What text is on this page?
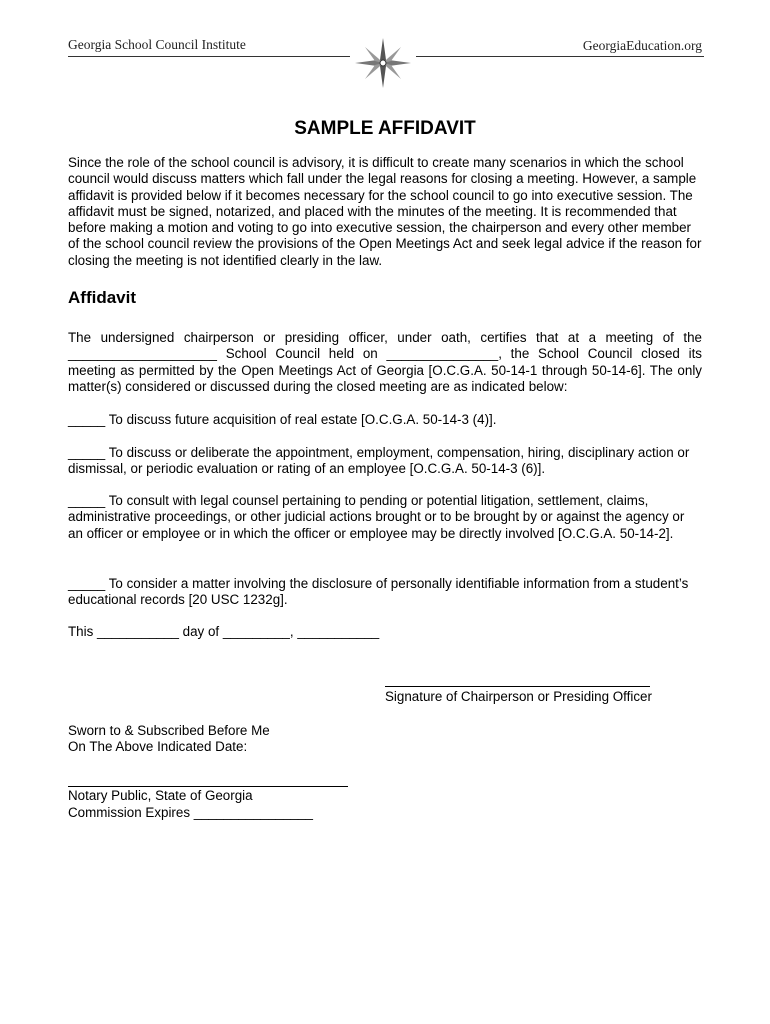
Georgia School Council Institute	GeorgiaEducation.org
SAMPLE AFFIDAVIT
Since the role of the school council is advisory, it is difficult to create many scenarios in which the school council would discuss matters which fall under the legal reasons for closing a meeting. However, a sample affidavit is provided below if it becomes necessary for the school council to go into executive session. The affidavit must be signed, notarized, and placed with the minutes of the meeting. It is recommended that before making a motion and voting to go into executive session, the chairperson and every other member of the school council review the provisions of the Open Meetings Act and seek legal advice if the reason for closing the meeting is not identified clearly in the law.
Affidavit
The undersigned chairperson or presiding officer, under oath, certifies that at a meeting of the ____________________ School Council held on _______________, the School Council closed its meeting as permitted by the Open Meetings Act of Georgia [O.C.G.A. 50-14-1 through 50-14-6]. The only matter(s) considered or discussed during the closed meeting are as indicated below:
_____ To discuss future acquisition of real estate [O.C.G.A. 50-14-3 (4)].
_____ To discuss or deliberate the appointment, employment, compensation, hiring, disciplinary action or dismissal, or periodic evaluation or rating of an employee [O.C.G.A. 50-14-3 (6)].
_____ To consult with legal counsel pertaining to pending or potential litigation, settlement, claims, administrative proceedings, or other judicial actions brought or to be brought by or against the agency or an officer or employee or in which the officer or employee may be directly involved [O.C.G.A. 50-14-2].
_____ To consider a matter involving the disclosure of personally identifiable information from a student’s educational records [20 USC 1232g].
This ___________ day of _________, ___________
Signature of Chairperson or Presiding Officer
Sworn to & Subscribed Before Me
On The Above Indicated Date:
Notary Public, State of Georgia
Commission Expires ________________
